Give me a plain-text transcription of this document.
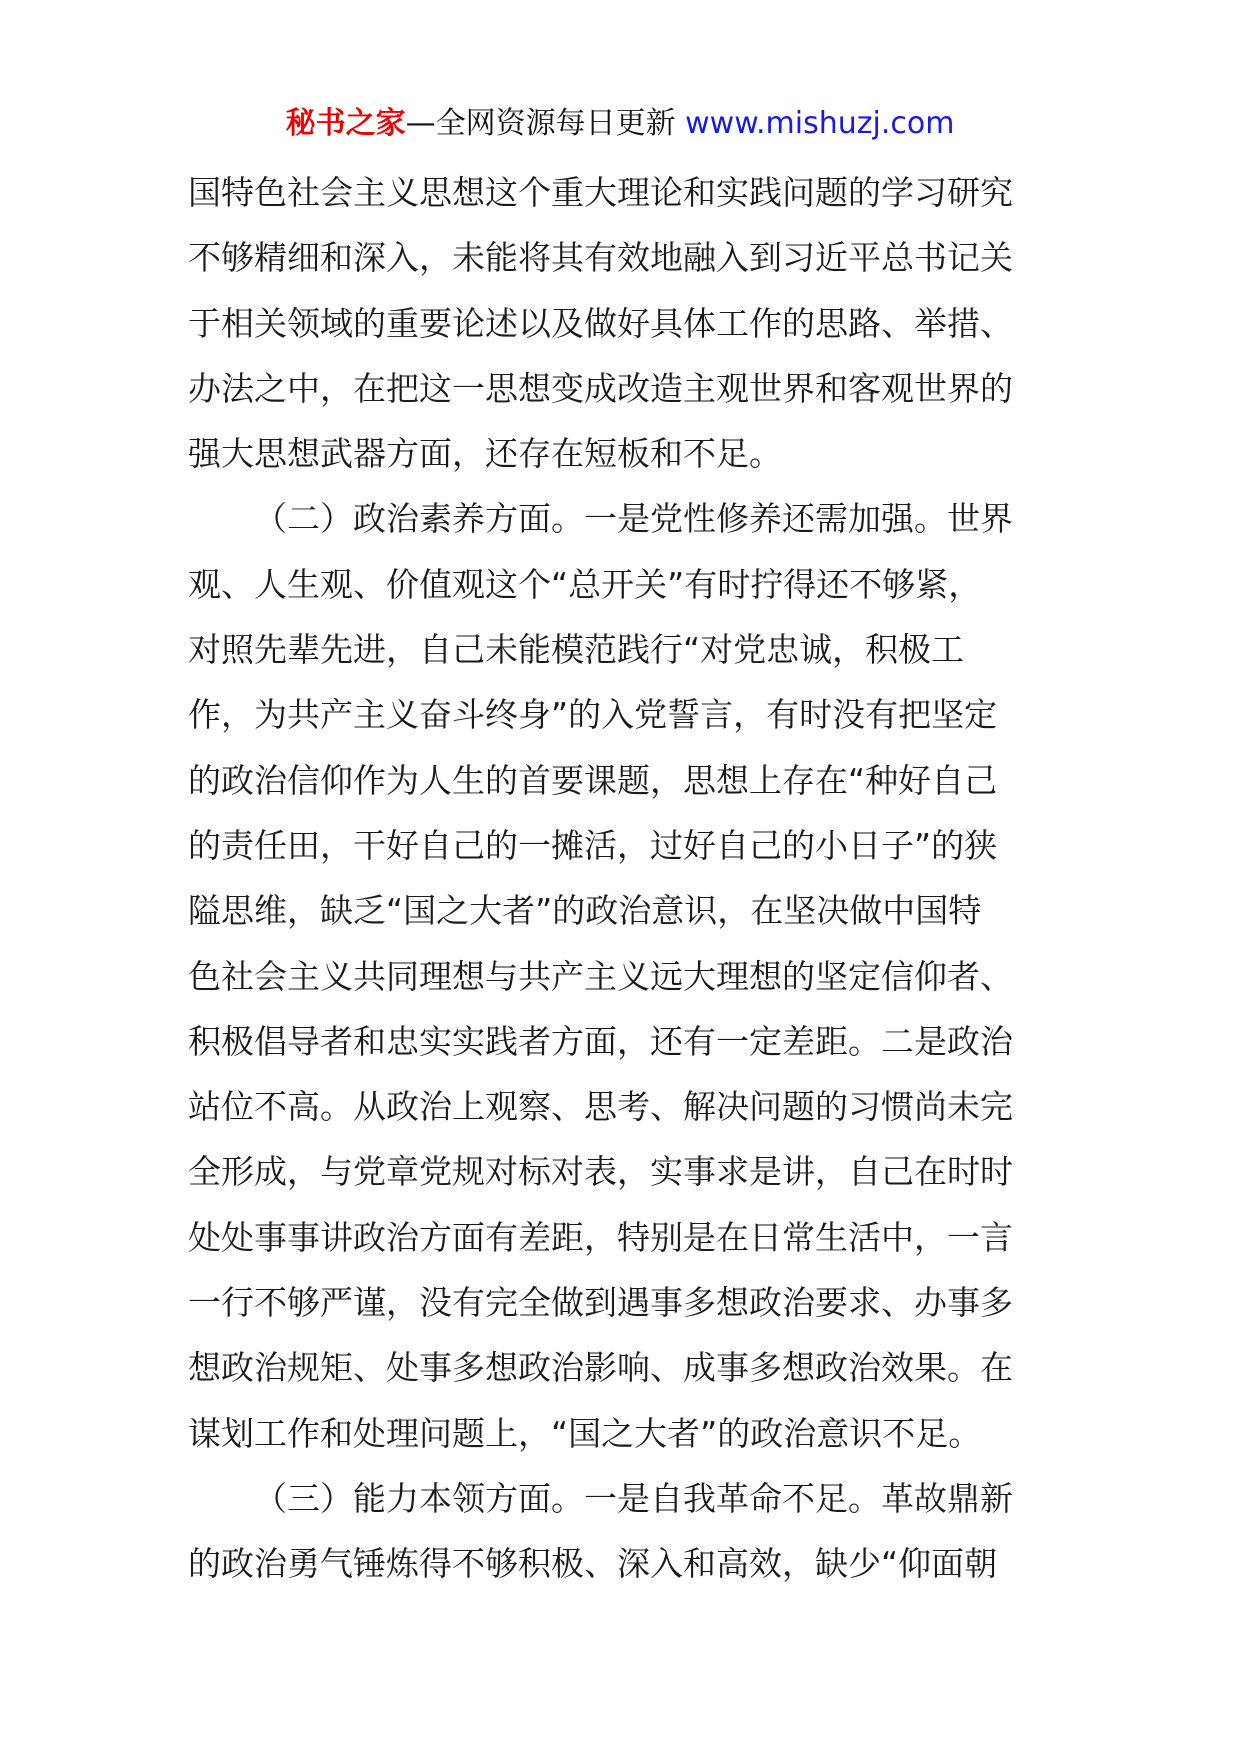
秘书之家—全网资源每日更新 www.mishuzj.com
国特色社会主义思想这个重大理论和实践问题的学习研究
不够精细和深入，未能将其有效地融入到习近平总书记关
于相关领域的重要论述以及做好具体工作的思路、举措、
办法之中，在把这一思想变成改造主观世界和客观世界的
强大思想武器方面，还存在短板和不足。
（二）政治素养方面。一是党性修养还需加强。世界
观、人生观、价值观这个“总开关”有时拧得还不够紧，
对照先辈先进，自己未能模范践行“对党忠诚，积极工
作，为共产主义奋斗终身”的入党誓言，有时没有把坚定
的政治信仰作为人生的首要课题，思想上存在“种好自己
的责任田，干好自己的一摊活，过好自己的小日子”的狭
隘思维，缺乏“国之大者”的政治意识，在坚决做中国特
色社会主义共同理想与共产主义远大理想的坚定信仰者、
积极倡导者和忠实实践者方面，还有一定差距。二是政治
站位不高。从政治上观察、思考、解决问题的习惯尚未完
全形成，与党章党规对标对表，实事求是讲，自己在时时
处处事事讲政治方面有差距，特别是在日常生活中，一言
一行不够严谨，没有完全做到遇事多想政治要求、办事多
想政治规矩、处事多想政治影响、成事多想政治效果。在
谋划工作和处理问题上，“国之大者”的政治意识不足。
（三）能力本领方面。一是自我革命不足。革故鼎新
的政治勇气锤炼得不够积极、深入和高效，缺少“仰面朝
